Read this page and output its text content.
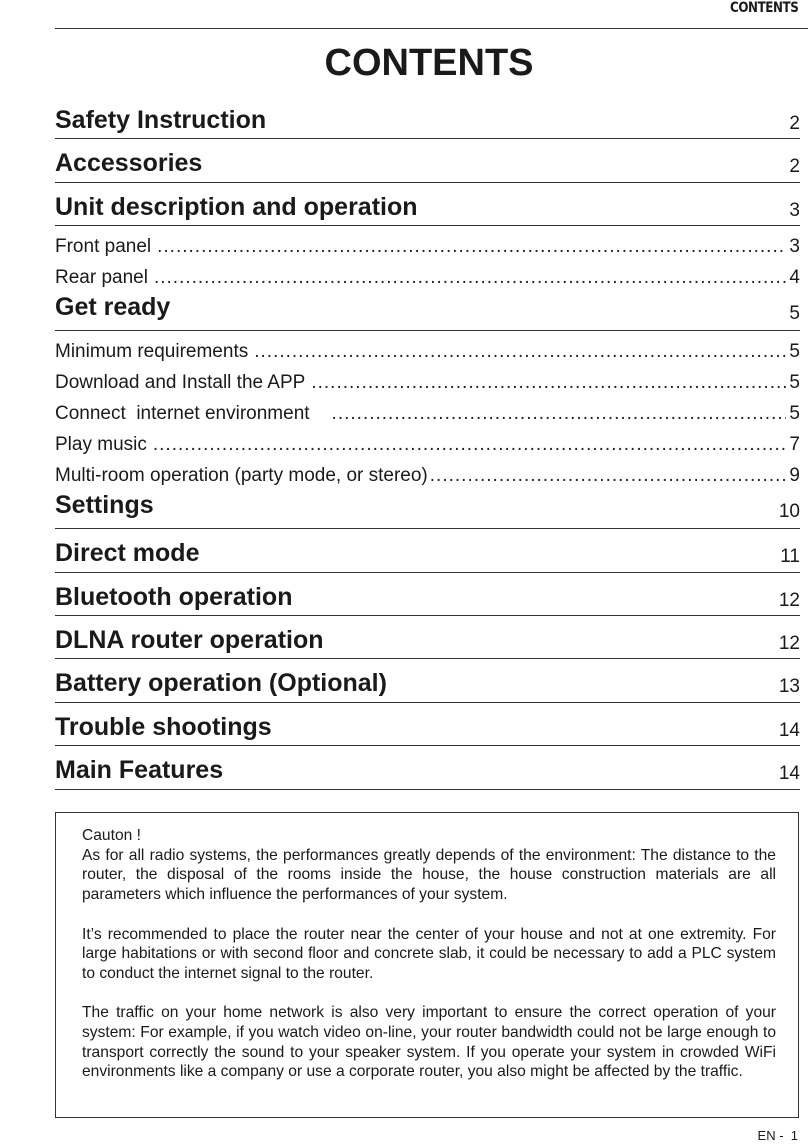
CONTENTS
CONTENTS
Safety Instruction	2
Accessories	2
Unit description and operation	3
Front panel .....	3
Rear panel .....	4
Get ready	5
Minimum requirements .....	5
Download and Install the APP .....	5
Connect  internet environment .....	5
Play music .....	7
Multi-room operation (party mode, or stereo) .....	9
Settings	10
Direct mode	11
Bluetooth operation	12
DLNA router operation	12
Battery operation (Optional)	13
Trouble shootings	14
Main Features	14
Cauton !

As for all radio systems, the performances greatly depends of the environment: The distance to the router, the disposal of the rooms inside the house, the house construction materials are all parameters which influence the performances of your system.

It’s recommended to place the router near the center of your house and not at one extremity. For large habitations or with second floor and concrete slab, it could be necessary to add a PLC system to conduct the internet signal to the router.

The traffic on your home network is also very important to ensure the correct operation of your system: For example, if you watch video on-line, your router bandwidth could not be large enough to transport correctly the sound to your speaker system. If you operate your system in crowded WiFi environments like a company or use a corporate router, you also might be affected by the traffic.

EN -  1
